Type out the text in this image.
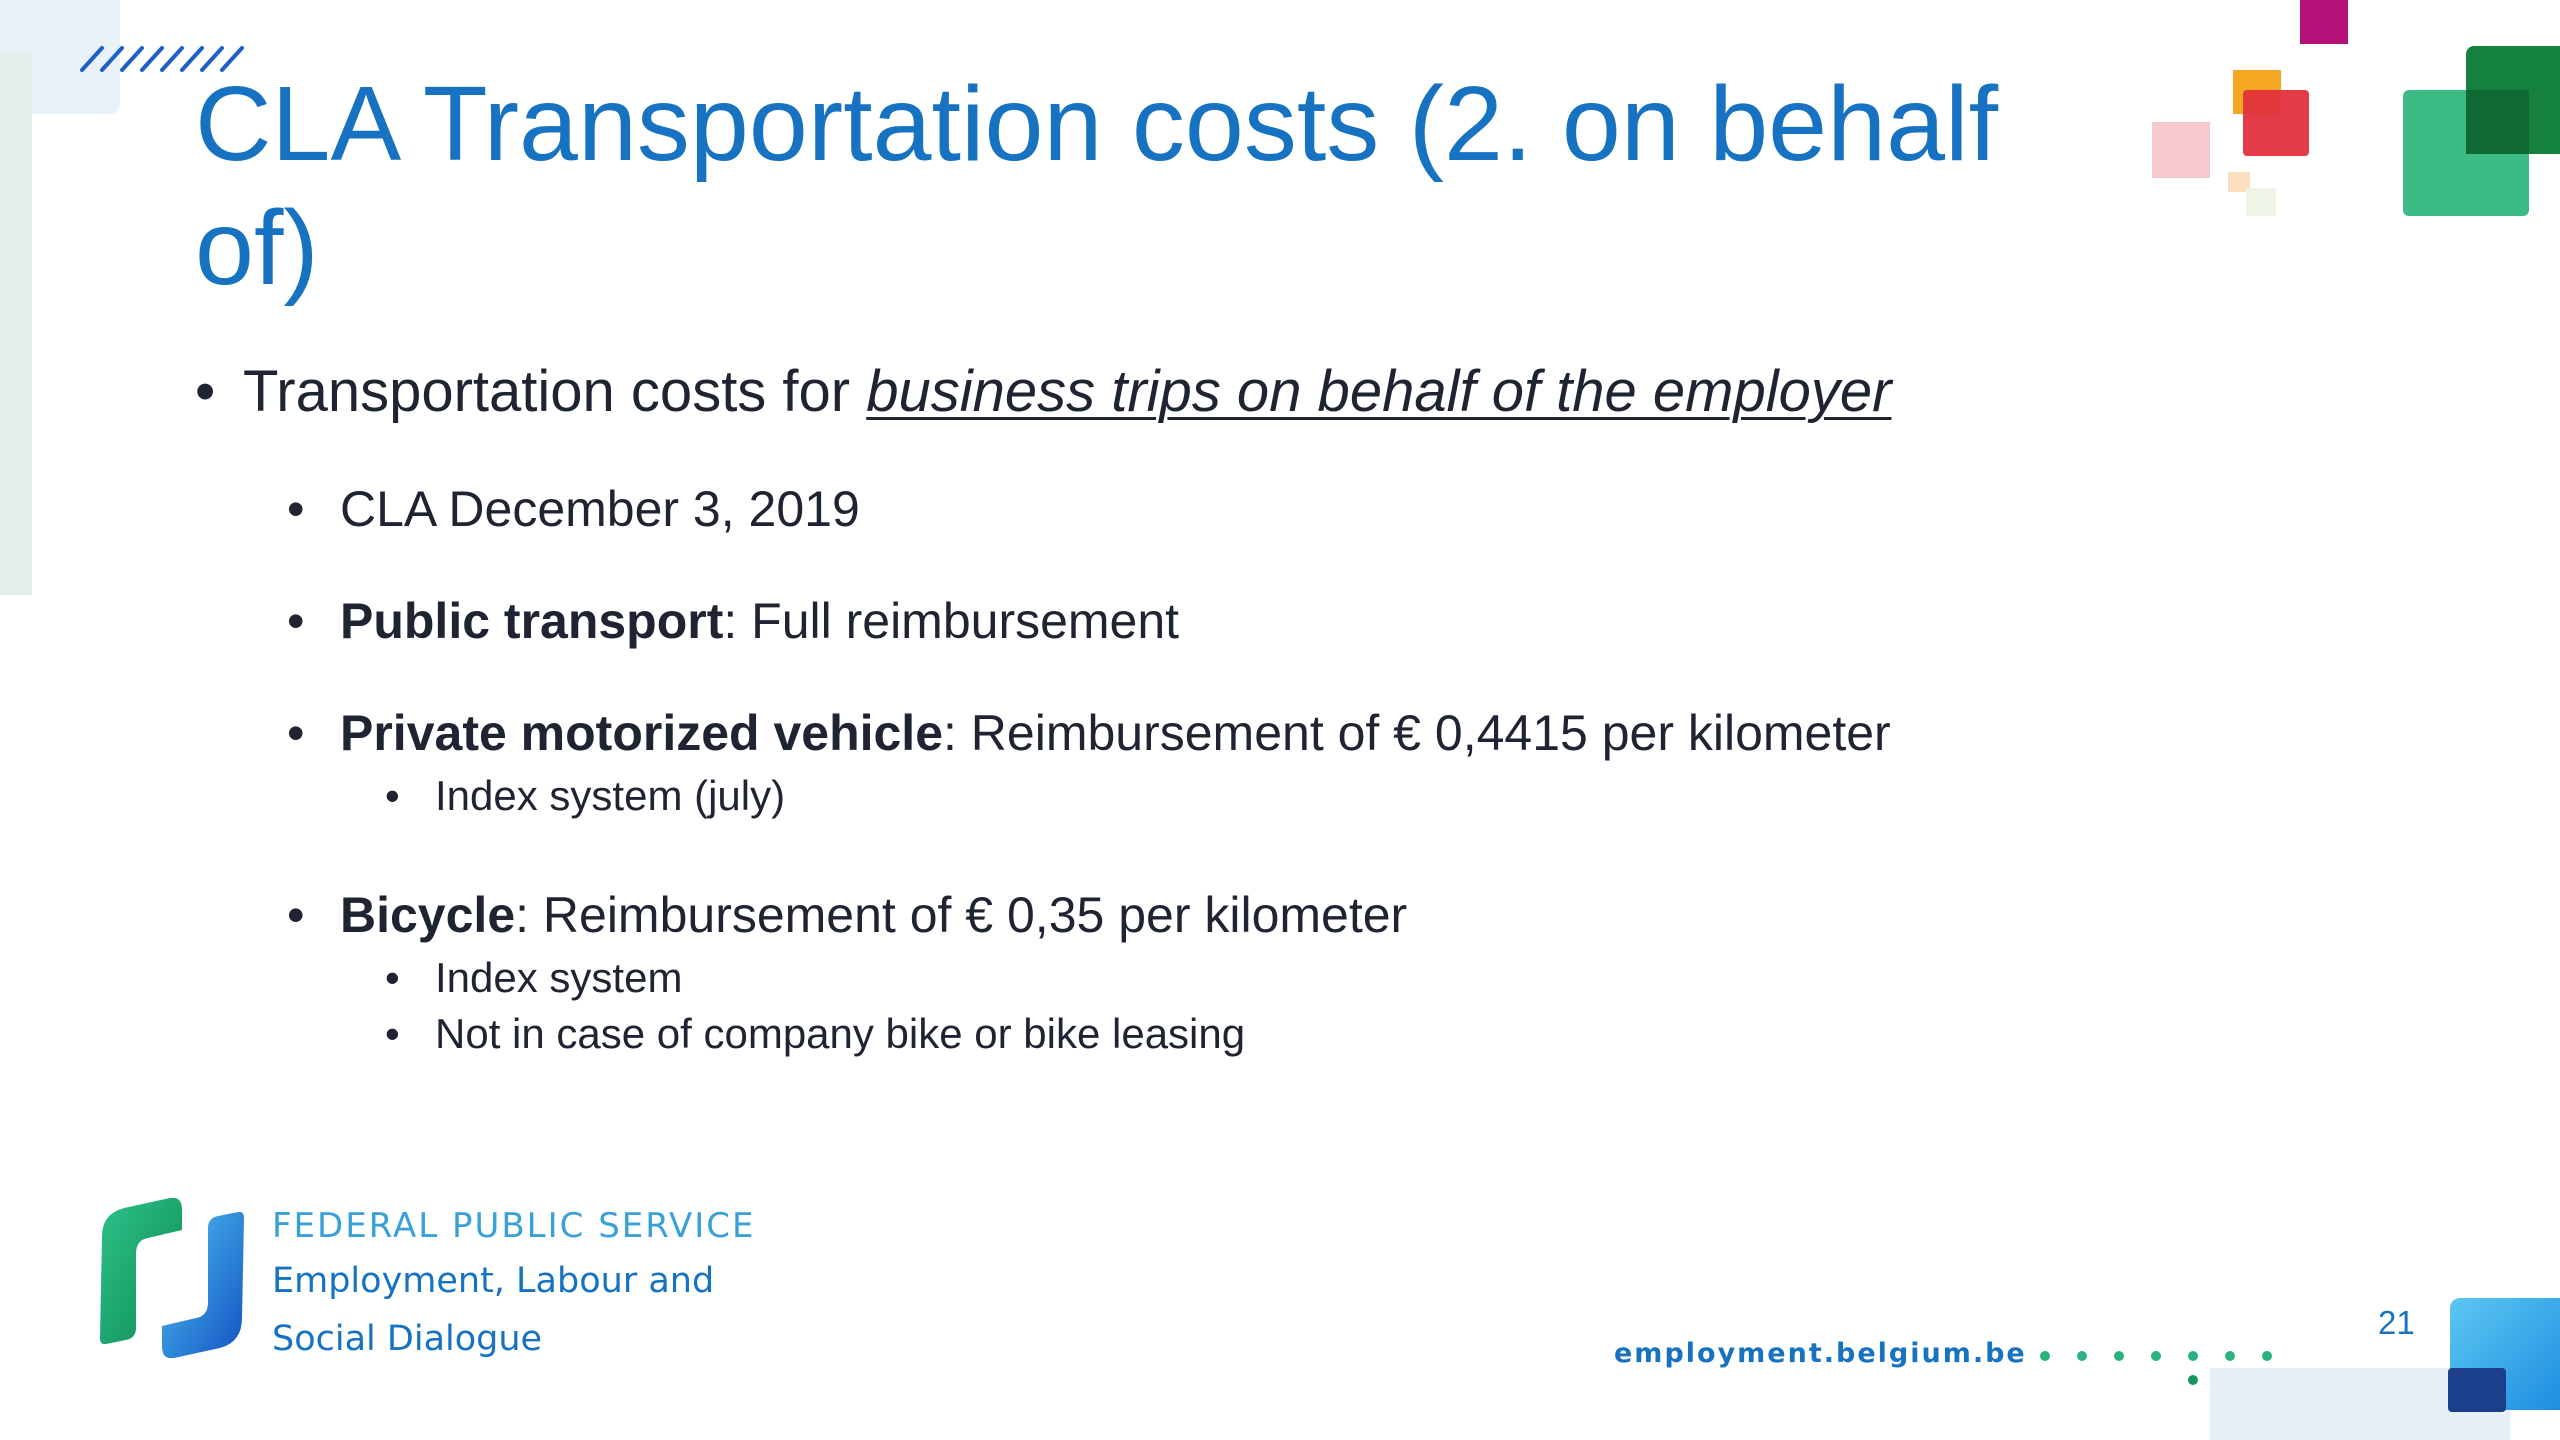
CLA Transportation costs (2. on behalf of)
• Transportation costs for business trips on behalf of the employer
• CLA December 3, 2019
• Public transport: Full reimbursement
• Private motorized vehicle: Reimbursement of € 0,4415 per kilometer
• Index system (july)
• Bicycle: Reimbursement of € 0,35 per kilometer
• Index system
• Not in case of company bike or bike leasing
FEDERAL PUBLIC SERVICE
Employment, Labour and
Social Dialogue	employment.belgium.be
21
